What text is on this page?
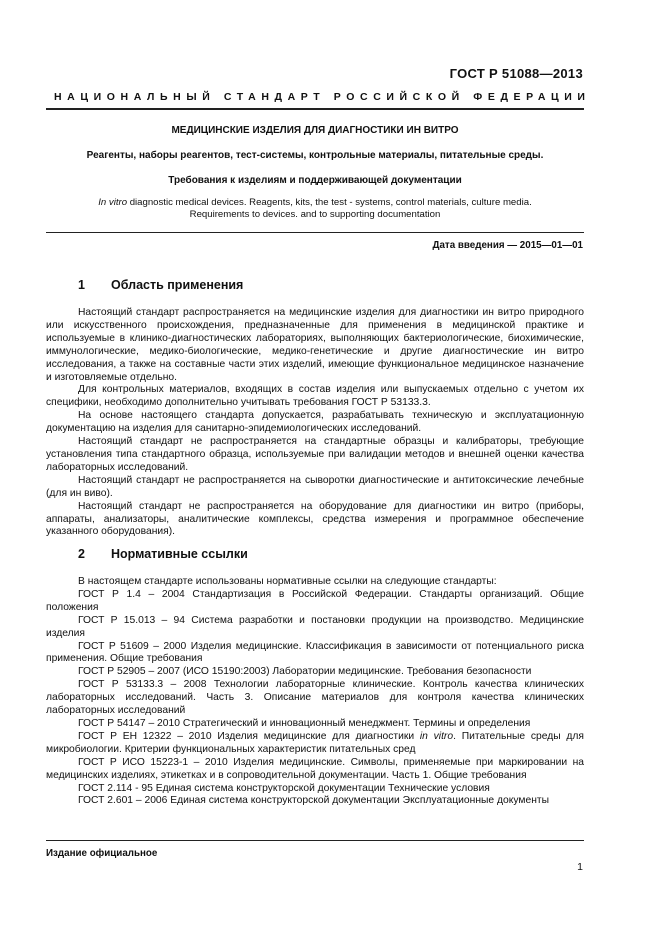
ГОСТ Р 51088—2013
НАЦИОНАЛЬНЫЙ СТАНДАРТ РОССИЙСКОЙ ФЕДЕРАЦИИ
МЕДИЦИНСКИЕ ИЗДЕЛИЯ ДЛЯ ДИАГНОСТИКИ ИН ВИТРО
Реагенты, наборы реагентов, тест-системы, контрольные материалы, питательные среды.
Требования к изделиям и поддерживающей документации
In vitro diagnostic medical devices. Reagents, kits, the test - systems, control materials, culture media.
Requirements to devices. and to supporting documentation
Дата введения — 2015—01—01
1 Область применения

Настоящий стандарт распространяется на медицинские изделия для диагностики ин витро природного или искусственного происхождения, предназначенные для применения в медицинской практике и используемые в клинико-диагностических лабораториях, выполняющих бактериологические, биохимические, иммунологические, медико-биологические, медико-генетические и другие диагностические ин витро исследования, а также на составные части этих изделий, имеющие функциональное медицинское назначение и изготовляемые отдельно.

Для контрольных материалов, входящих в состав изделия или выпускаемых отдельно с учетом их специфики, необходимо дополнительно учитывать требования ГОСТ Р 53133.3.

На основе настоящего стандарта допускается, разрабатывать техническую и эксплуатационную документацию на изделия для санитарно-эпидемиологических исследований.

Настоящий стандарт не распространяется на стандартные образцы и калибраторы, требующие установления типа стандартного образца, используемые при валидации методов и внешней оценки качества лабораторных исследований.

Настоящий стандарт не распространяется на сыворотки диагностические и антитоксические лечебные (для ин виво).

Настоящий стандарт не распространяется на оборудование для диагностики ин витро (приборы, аппараты, анализаторы, аналитические комплексы, средства измерения и программное обеспечение указанного оборудования).

2 Нормативные ссылки

В настоящем стандарте использованы нормативные ссылки на следующие стандарты:

ГОСТ Р 1.4 – 2004 Стандартизация в Российской Федерации. Стандарты организаций. Общие положения

ГОСТ Р 15.013 – 94 Система разработки и постановки продукции на производство. Медицинские изделия

ГОСТ Р 51609 – 2000 Изделия медицинские. Классификация в зависимости от потенциального риска применения. Общие требования

ГОСТ Р 52905 – 2007 (ИСО 15190:2003) Лаборатории медицинские. Требования безопасности

ГОСТ Р 53133.3 – 2008 Технологии лабораторные клинические. Контроль качества клинических лабораторных исследований. Часть 3. Описание материалов для контроля качества клинических лабораторных исследований

ГОСТ Р 54147 – 2010 Стратегический и инновационный менеджмент. Термины и определения

ГОСТ Р ЕН 12322 – 2010 Изделия медицинские для диагностики in vitro. Питательные среды для микробиологии. Критерии функциональных характеристик питательных сред

ГОСТ Р ИСО 15223-1 – 2010 Изделия медицинские. Символы, применяемые при маркировании на медицинских изделиях, этикетках и в сопроводительной документации. Часть 1. Общие требования

ГОСТ 2.114 - 95 Единая система конструкторской документации Технические условия

ГОСТ 2.601 – 2006 Единая система конструкторской документации Эксплуатационные документы

Издание официальное
1
